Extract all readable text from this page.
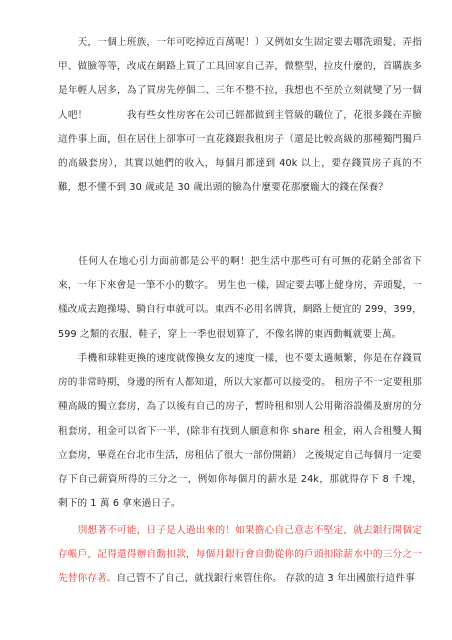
　　天，一個上班族，一年可吃掉近百萬呢！）又例如女生固定要去哪洗頭髮、弄指甲、做臉等等，改成在網路上買了工具回家自己弄，微整型，拉皮什麼的，首購族多是年輕人居多，為了買房先停個二、三年不整不拉，我想也不至於立刻就變了另一個人吧！　　　　我有些女性房客在公司已經都做到主管級的職位了，花很多錢在弄臉這件事上面，但在居住上卻寧可一直花錢跟我租房子（還是比較高級的那種獨門獨戶的高級套房），其實以她們的收入，每個月都達到 40k 以上，要存錢買房子真的不難，想不懂不到 30 歲或是 30 歲出頭的臉為什麼要花那麼龐大的錢在保養？

　　任何人在地心引力面前都是公平的啊！把生活中那些可有可無的花銷全部省下來，一年下來會是一筆不小的數字。 男生也一樣，固定要去哪上健身房，弄頭髮，一樣改成去跑操場、騎自行車就可以。東西不必用名牌貨，網路上便宜的 299，399，599 之類的衣服、鞋子，穿上一季也很划算了，不像名牌的東西動輒就要上萬。

　　手機和球鞋更換的速度就像換女友的速度一樣，也不要太過頻繁，你是在存錢買房的非常時期，身邊的所有人都知道，所以大家都可以接受的。 租房子不一定要租那種高級的獨立套房，為了以後有自己的房子，暫時租和別人公用衛浴設備及廚房的分租套房，租金可以省下一半，(除非有找到人願意和你 share 租金，兩人合租雙人獨立套房，畢竟在台北市生活，房租佔了很大一部份開銷） 之後規定自己每個月一定要存下自己薪資所得的三分之一，例如你每個月的薪水是 24k，那就得存下 8 千塊，剩下的 1 萬 6 拿來過日子。

　　別想著不可能，日子是人過出來的！如果擔心自己意志不堅定，就去銀行開個定存帳戶，記得還得辦自動扣款，每個月銀行會自動從你的戶頭扣除薪水中的三分之一先替你存著。自己管不了自己，就找銀行來管住你。 存款的這 3 年出國旅行這件事
